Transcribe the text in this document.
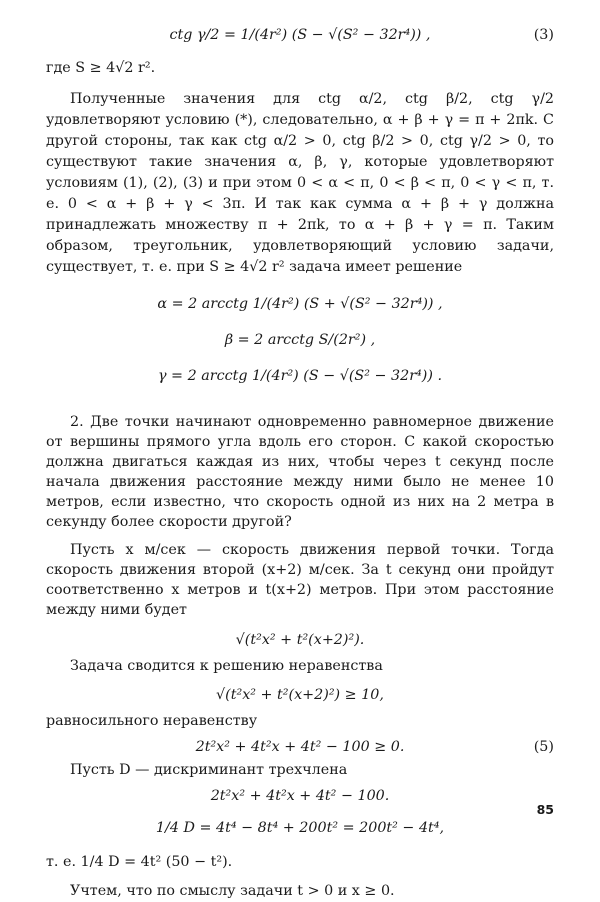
ctg γ/2 = 1/(4r²) (S − √(S² − 32r⁴)) ,	(3)

где S ≥ 4√2 r².

Полученные значения для ctg α/2, ctg β/2, ctg γ/2 удовлетворяют условию (*), следовательно, α + β + γ = π + 2πk. С другой стороны, так как ctg α/2 > 0, ctg β/2 > 0, ctg γ/2 > 0, то существуют такие значения α, β, γ, которые удовлетворяют условиям (1), (2), (3) и при этом 0 < α < π, 0 < β < π, 0 < γ < π, т. е. 0 < α + β + γ < 3π. И так как сумма α + β + γ должна принадлежать множеству π + 2πk, то α + β + γ = π. Таким образом, треугольник, удовлетворяющий условию задачи, существует, т. е. при S ≥ 4√2 r² задача имеет решение

α = 2 arcctg 1/(4r²) (S + √(S² − 32r⁴)) ,
β = 2 arcctg S/(2r²) ,
γ = 2 arcctg 1/(4r²) (S − √(S² − 32r⁴)) .

2. Две точки начинают одновременно равномерное движение от вершины прямого угла вдоль его сторон. С какой скоростью должна двигаться каждая из них, чтобы через t секунд после начала движения расстояние между ними было не менее 10 метров, если известно, что скорость одной из них на 2 метра в секунду более скорости другой?

Пусть x м/сек — скорость движения первой точки. Тогда скорость движения второй (x+2) м/сек. За t секунд они пройдут соответственно x метров и t(x+2) метров. При этом расстояние между ними будет

√(t²x² + t²(x+2)²).

Задача сводится к решению неравенства

√(t²x² + t²(x+2)²) ≥ 10,

равносильного неравенству

2t²x² + 4t²x + 4t² − 100 ≥ 0.	(5)

Пусть D — дискриминант трехчлена

2t²x² + 4t²x + 4t² − 100.
1/4 D = 4t⁴ − 8t⁴ + 200t² = 200t² − 4t⁴,

т. е. 1/4 D = 4t² (50 − t²).

Учтем, что по смыслу задачи t > 0 и x ≥ 0.

85
